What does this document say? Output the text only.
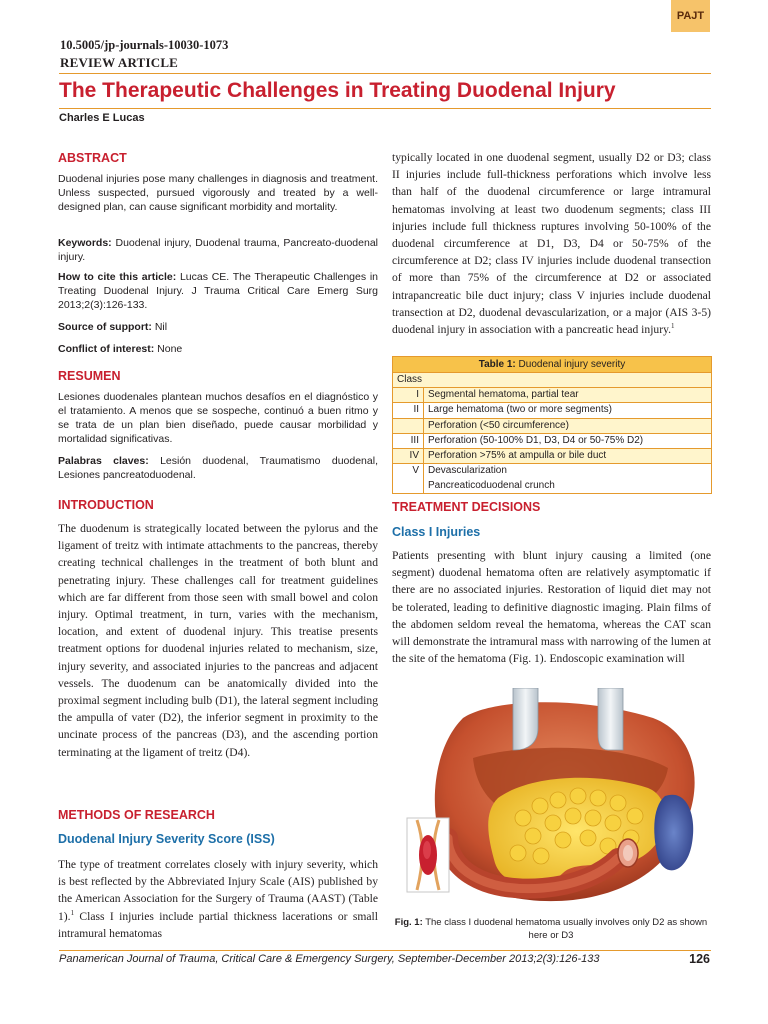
PAJT
10.5005/jp-journals-10030-1073
REVIEW ARTICLE
The Therapeutic Challenges in Treating Duodenal Injury
Charles E Lucas
ABSTRACT

Duodenal injuries pose many challenges in diagnosis and treatment. Unless suspected, pursued vigorously and treated by a well-designed plan, can cause significant morbidity and mortality.

Keywords: Duodenal injury, Duodenal trauma, Pancreato-duodenal injury.

How to cite this article: Lucas CE. The Therapeutic Challenges in Treating Duodenal Injury. J Trauma Critical Care Emerg Surg 2013;2(3):126-133.

Source of support: Nil

Conflict of interest: None

RESUMEN

Lesiones duodenales plantean muchos desafíos en el diagnóstico y el tratamiento. A menos que se sospeche, continuó a buen ritmo y se trata de un plan bien diseñado, puede causar morbilidad y mortalidad significativas.

Palabras claves: Lesión duodenal, Traumatismo duodenal, Lesiones pancreatoduodenal.

INTRODUCTION

The duodenum is strategically located between the pylorus and the ligament of treitz with intimate attachments to the pancreas, thereby creating technical challenges in the treatment of both blunt and penetrating injury. These challenges call for treatment guidelines which are far different from those seen with small bowel and colon injury. Optimal treatment, in turn, varies with the mechanism, location, and extent of duodenal injury. This treatise presents treatment options for duodenal injuries related to mechanism, size, injury severity, and associated injuries to the pancreas and adjacent vessels. The duodenum can be anatomically divided into the proximal segment including bulb (D1), the lateral segment including the ampulla of vater (D2), the inferior segment in proximity to the uncinate process of the pancreas (D3), and the ascending portion terminating at the ligament of treitz (D4).

METHODS OF RESEARCH
Duodenal Injury Severity Score (ISS)

The type of treatment correlates closely with injury severity, which is best reflected by the Abbreviated Injury Scale (AIS) published by the American Association for the Surgery of Trauma (AAST) (Table 1).$^1$ Class I injuries include partial thickness lacerations or small intramural hematomas

typically located in one duodenal segment, usually D2 or D3; class II injuries include full-thickness perforations which involve less than half of the duodenal circumference or large intramural hematomas involving at least two duodenum segments; class III injuries include full thickness ruptures involving 50-100% of the duodenal circumference at D1, D3, D4 or 50-75% of the circumference at D2; class IV injuries include duodenal transection of more than 75% of the circumference at D2 or associated intrapancreatic bile duct injury; class V injuries include duodenal transection at D2, duodenal devascularization, or a major (AIS 3-5) duodenal injury in association with a pancreatic head injury.$^1$

Table 1: Duodenal injury severity
Class
I Segmental hematoma, partial tear
II Large hematoma (two or more segments)
Perforation (<50 circumference)
III Perforation (50-100% D1, D3, D4 or 50-75% D2)
IV Perforation >75% at ampulla or bile duct
V Devascularization
Pancreaticoduodenal crunch
TREATMENT DECISIONS
Class I Injuries

Patients presenting with blunt injury causing a limited (one segment) duodenal hematoma often are relatively asymptomatic if there are no associated injuries. Restoration of liquid diet may not be tolerated, leading to definitive diagnostic imaging. Plain films of the abdomen seldom reveal the hematoma, whereas the CAT scan will demonstrate the intramural mass with narrowing of the lumen at the site of the hematoma (Fig. 1). Endoscopic examination will

Fig. 1: The class I duodenal hematoma usually involves only D2 as shown here or D3
Panamerican Journal of Trauma, Critical Care & Emergency Surgery, September-December 2013;2(3):126-133	126
